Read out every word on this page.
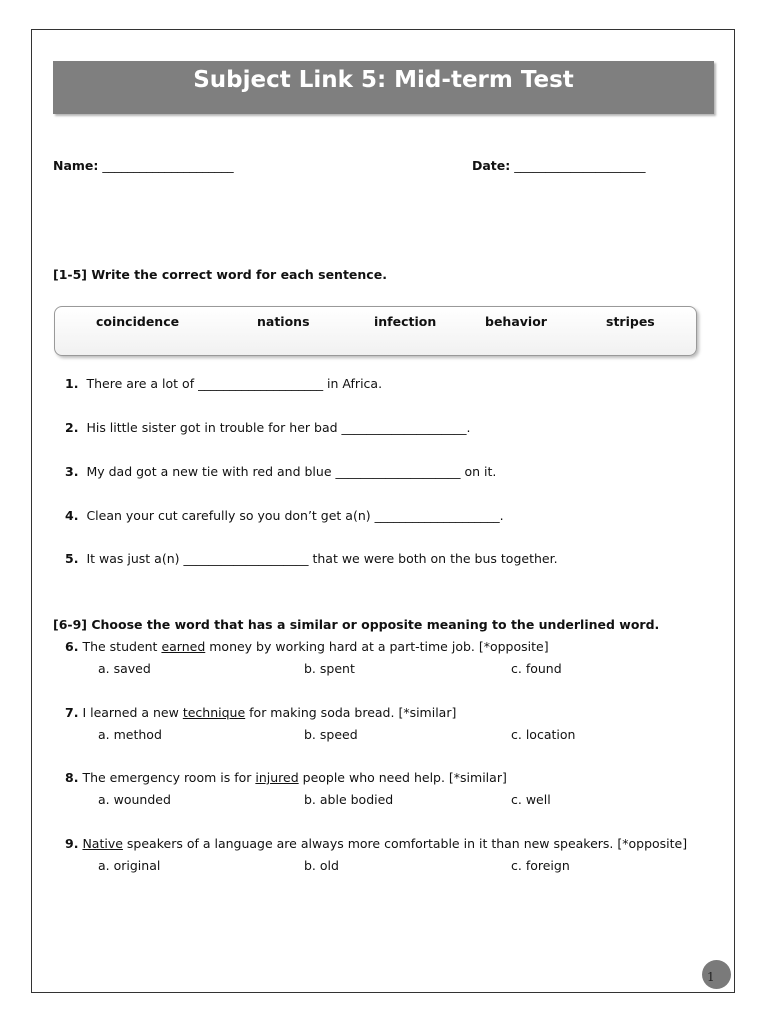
Subject Link 5: Mid-term Test
Name: _____________________	Date: _____________________
[1-5] Write the correct word for each sentence.
coincidence	nations	infection	behavior	stripes
1. There are a lot of ____________________ in Africa.
2. His little sister got in trouble for her bad ____________________.
3. My dad got a new tie with red and blue ____________________ on it.
4. Clean your cut carefully so you don’t get a(n) ____________________.
5. It was just a(n) ____________________ that we were both on the bus together.
[6-9] Choose the word that has a similar or opposite meaning to the underlined word.
6. The student earned money by working hard at a part-time job. [*opposite]
a. saved	b. spent	c. found
7. I learned a new technique for making soda bread. [*similar]
a. method	b. speed	c. location
8. The emergency room is for injured people who need help. [*similar]
a. wounded	b. able bodied	c. well
9. Native speakers of a language are always more comfortable in it than new speakers. [*opposite]
a. original	b. old	c. foreign
1
